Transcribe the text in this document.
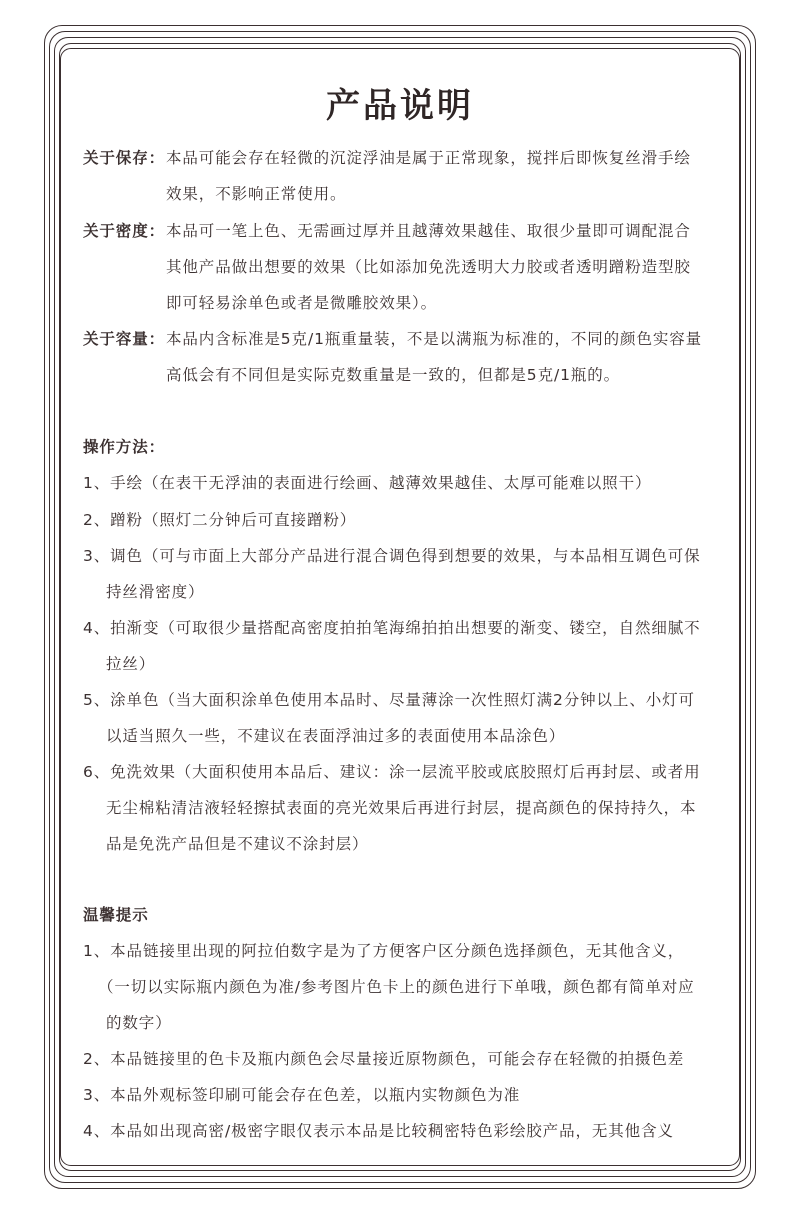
产品说明
关于保存： 本品可能会存在轻微的沉淀浮油是属于正常现象，搅拌后即恢复丝滑手绘
效果，不影响正常使用。
关于密度： 本品可一笔上色、无需画过厚并且越薄效果越佳、取很少量即可调配混合
其他产品做出想要的效果（比如添加免洗透明大力胶或者透明蹭粉造型胶
即可轻易涂单色或者是微雕胶效果）。
关于容量： 本品内含标准是5克/1瓶重量装，不是以满瓶为标准的，不同的颜色实容量
高低会有不同但是实际克数重量是一致的，但都是5克/1瓶的。
操作方法：
1、手绘（在表干无浮油的表面进行绘画、越薄效果越佳、太厚可能难以照干）
2、蹭粉（照灯二分钟后可直接蹭粉）
3、调色（可与市面上大部分产品进行混合调色得到想要的效果，与本品相互调色可保
持丝滑密度）
4、拍渐变（可取很少量搭配高密度拍拍笔海绵拍拍出想要的渐变、镂空，自然细腻不
拉丝）
5、涂单色（当大面积涂单色使用本品时、尽量薄涂一次性照灯满2分钟以上、小灯可
以适当照久一些，不建议在表面浮油过多的表面使用本品涂色）
6、免洗效果（大面积使用本品后、建议：涂一层流平胶或底胶照灯后再封层、或者用
无尘棉粘清洁液轻轻擦拭表面的亮光效果后再进行封层，提高颜色的保持持久，本
品是免洗产品但是不建议不涂封层）
温馨提示
1、本品链接里出现的阿拉伯数字是为了方便客户区分颜色选择颜色，无其他含义，
（一切以实际瓶内颜色为准/参考图片色卡上的颜色进行下单哦，颜色都有简单对应
的数字）
2、本品链接里的色卡及瓶内颜色会尽量接近原物颜色，可能会存在轻微的拍摄色差
3、本品外观标签印刷可能会存在色差，以瓶内实物颜色为准
4、本品如出现高密/极密字眼仅表示本品是比较稠密特色彩绘胶产品，无其他含义
